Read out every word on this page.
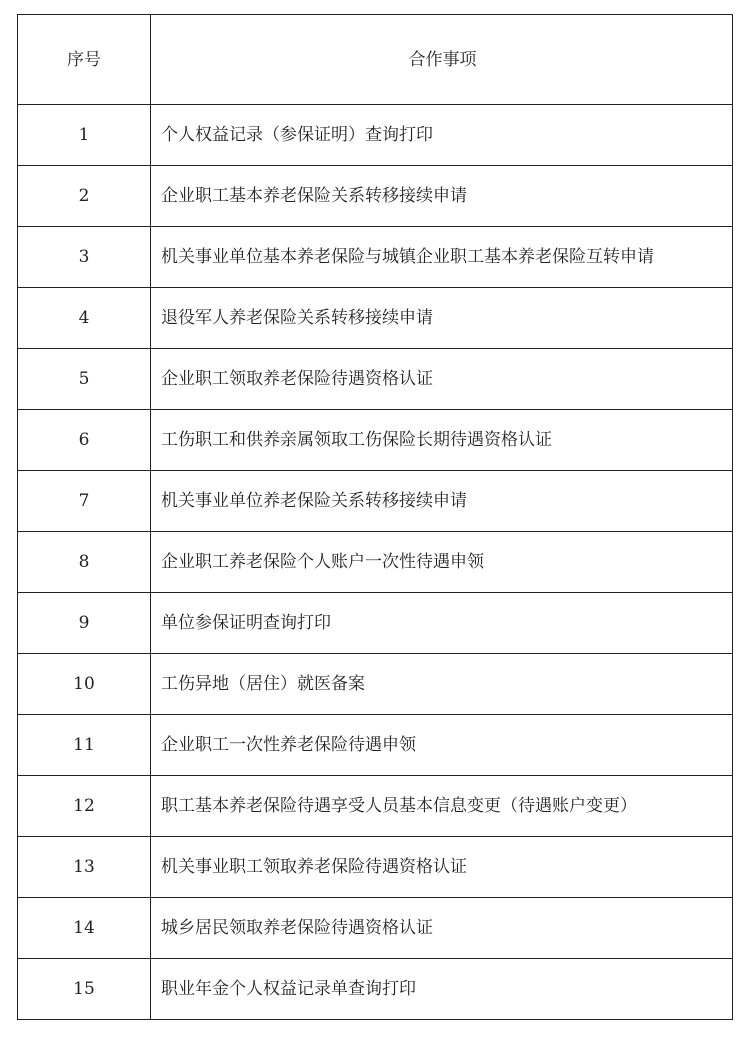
序号	合作事项
1	个人权益记录（参保证明）查询打印
2	企业职工基本养老保险关系转移接续申请
3	机关事业单位基本养老保险与城镇企业职工基本养老保险互转申请
4	退役军人养老保险关系转移接续申请
5	企业职工领取养老保险待遇资格认证
6	工伤职工和供养亲属领取工伤保险长期待遇资格认证
7	机关事业单位养老保险关系转移接续申请
8	企业职工养老保险个人账户一次性待遇申领
9	单位参保证明查询打印
10	工伤异地（居住）就医备案
11	企业职工一次性养老保险待遇申领
12	职工基本养老保险待遇享受人员基本信息变更（待遇账户变更）
13	机关事业职工领取养老保险待遇资格认证
14	城乡居民领取养老保险待遇资格认证
15	职业年金个人权益记录单查询打印
